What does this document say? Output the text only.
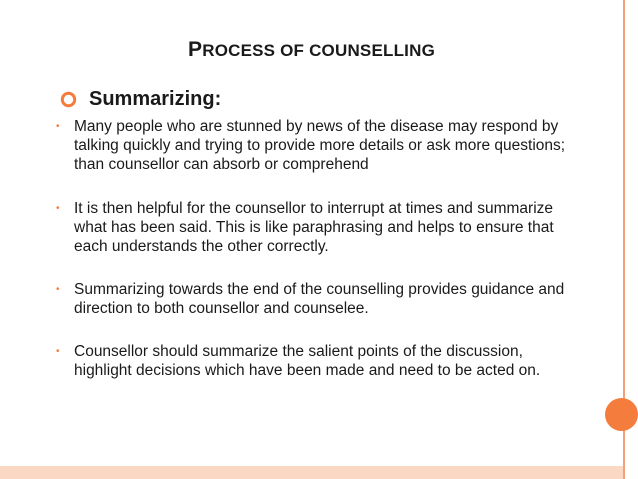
PROCESS OF COUNSELLING
Summarizing:
• Many people who are stunned by news of the disease may respond by talking quickly and trying to provide more details or ask more questions; than counsellor can absorb or comprehend
• It is then helpful for the counsellor to interrupt at times and summarize what has been said. This is like paraphrasing and helps to ensure that each understands the other correctly.
• Summarizing towards the end of the counselling provides guidance and direction to both counsellor and counselee.
• Counsellor should summarize the salient points of the discussion, highlight decisions which have been made and need to be acted on.
